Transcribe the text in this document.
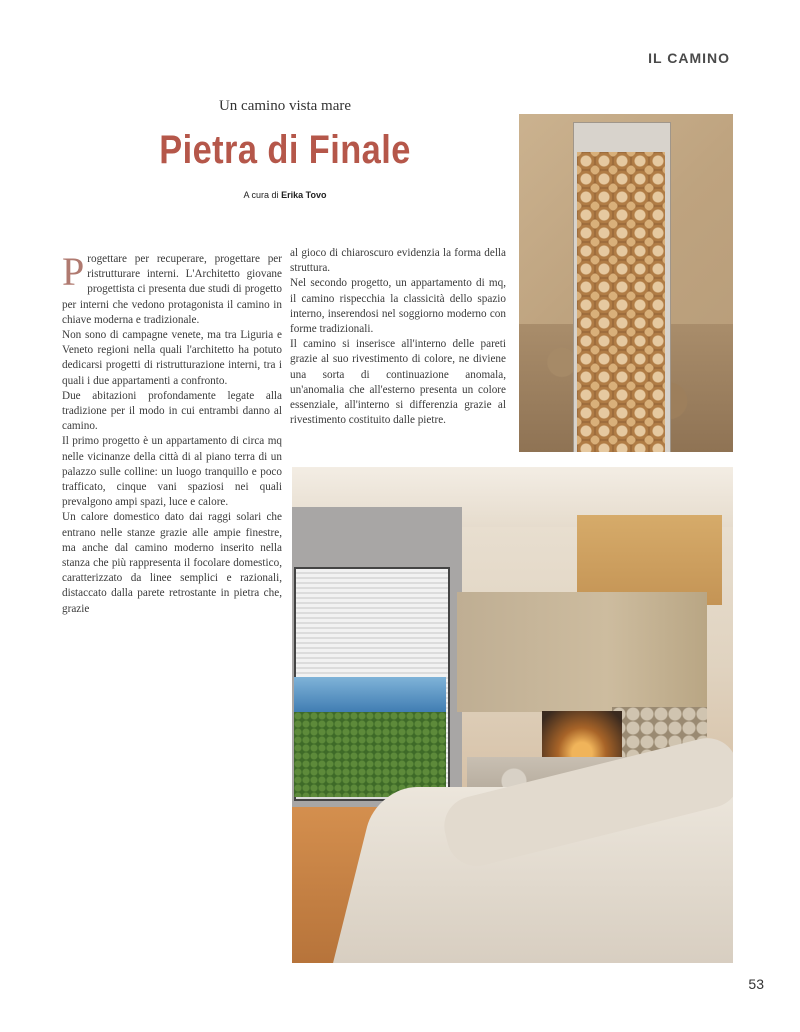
IL CAMINO
Un camino vista mare
Pietra di Finale
A cura di Erika Tovo

Progettare per recuperare, progettare per ristrutturare interni. L'Architetto giovane progettista ci presenta due studi di progetto per interni che vedono protagonista il camino in chiave moderna e tradizionale.

Non sono di campagne venete, ma tra Liguria e Veneto regioni nella quali l'architetto ha potuto dedicarsi progetti di ristrutturazione interni, tra i quali i due appartamenti a confronto.

Due abitazioni profondamente legate alla tradizione per il modo in cui entrambi danno al camino.

Il primo progetto è un appartamento di circa mq nelle vicinanze della città di al piano terra di un palazzo sulle colline: un luogo tranquillo e poco trafficato, cinque vani spaziosi nei quali prevalgono ampi spazi, luce e calore.

Un calore domestico dato dai raggi solari che entrano nelle stanze grazie alle ampie finestre, ma anche dal camino moderno inserito nella stanza che più rappresenta il focolare domestico, caratterizzato da linee semplici e razionali, distaccato dalla parete retrostante in pietra che, grazie

al gioco di chiaroscuro evidenzia la forma della struttura.

Nel secondo progetto, un appartamento di mq, il camino rispecchia la classicità dello spazio interno, inserendosi nel soggiorno moderno con forme tradizionali.

Il camino si inserisce all'interno delle pareti grazie al suo rivestimento di colore, ne diviene una sorta di continuazione anomala, un'anomalia che all'esterno presenta un colore essenziale, all'interno si differenzia grazie al rivestimento costituito dalle pietre.

53
